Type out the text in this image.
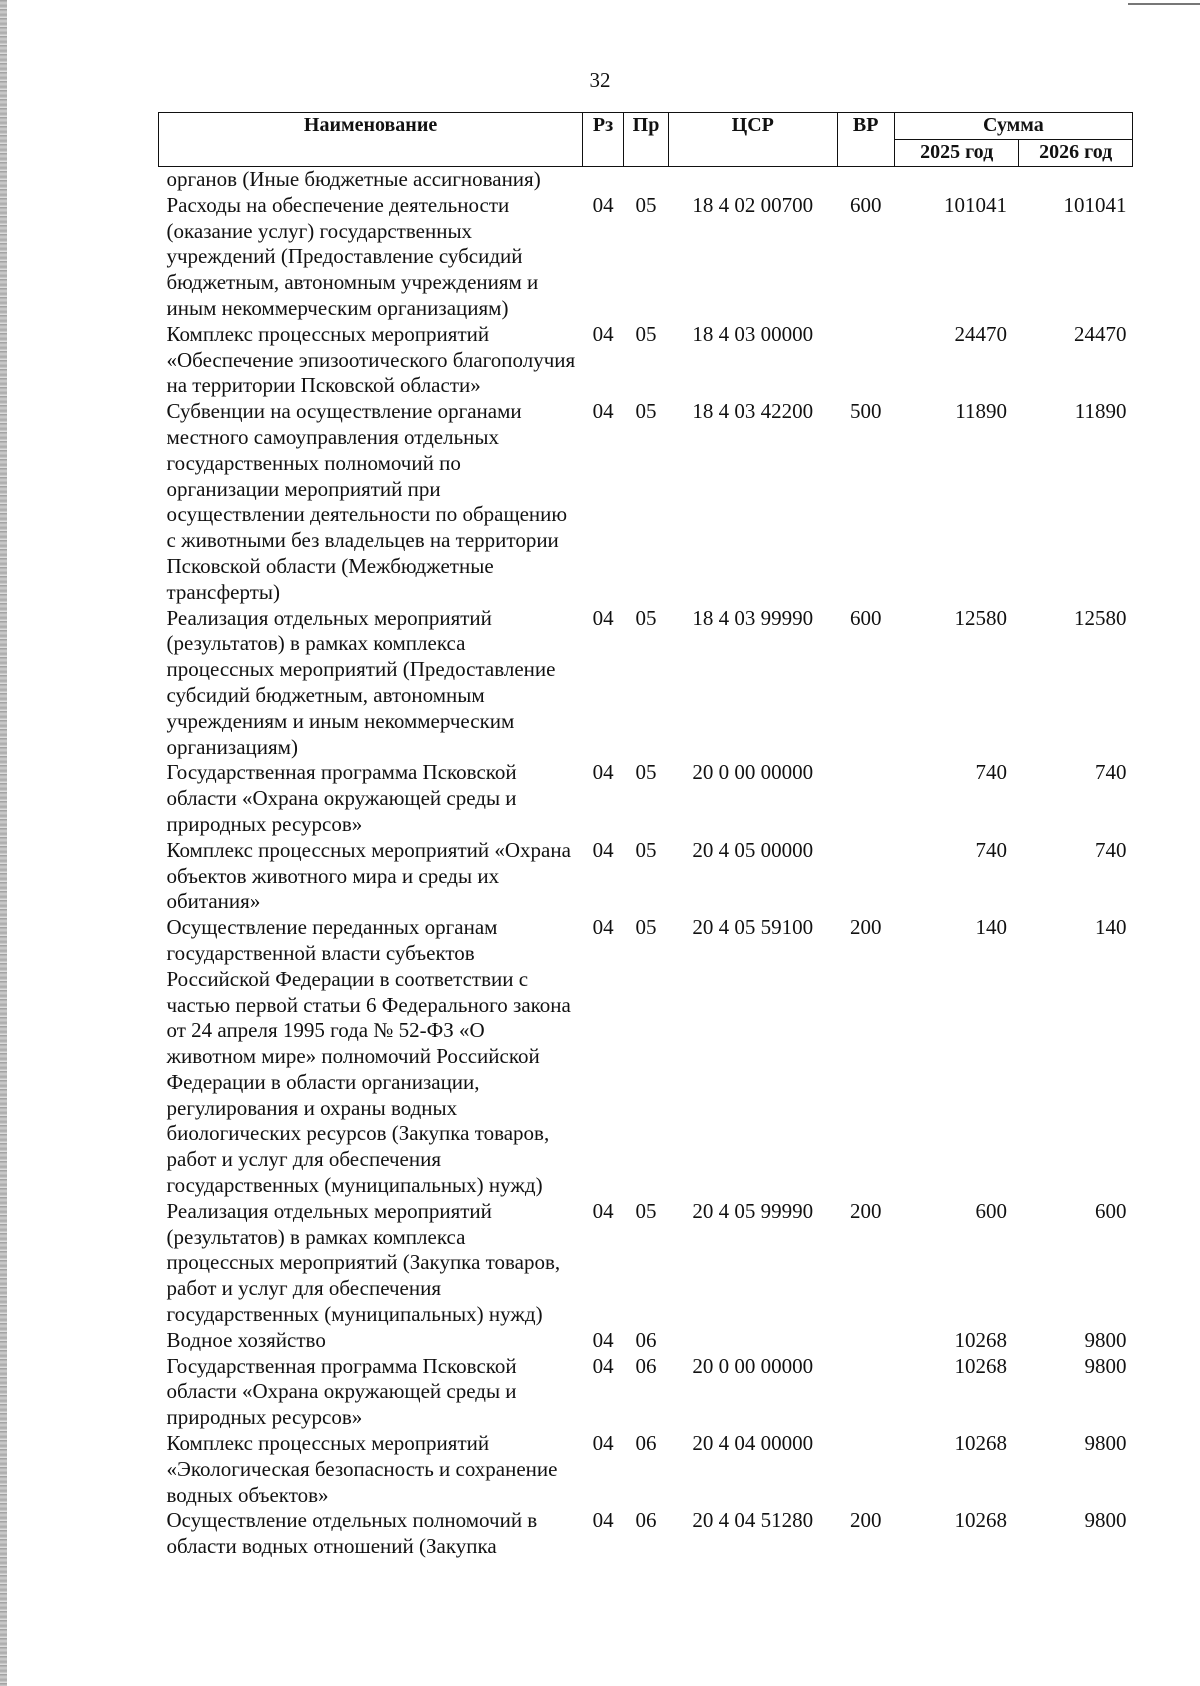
32
Наименование	Рз	Пр	ЦСР	ВР	Сумма	
					2025 год	2026 год
органов (Иные бюджетные ассигнования)						
Расходы на обеспечение деятельности (оказание услуг) государственных учреждений (Предоставление субсидий бюджетным, автономным учреждениям и иным некоммерческим организациям)	04	05	18 4 02 00700	600	101041	101041
Комплекс процессных мероприятий «Обеспечение эпизоотического благополучия на территории Псковской области»	04	05	18 4 03 00000		24470	24470
Субвенции на осуществление органами местного самоуправления отдельных государственных полномочий по организации мероприятий при осуществлении деятельности по обращению с животными без владельцев на территории Псковской области (Межбюджетные трансферты)	04	05	18 4 03 42200	500	11890	11890
Реализация отдельных мероприятий (результатов) в рамках комплекса процессных мероприятий (Предоставление субсидий бюджетным, автономным учреждениям и иным некоммерческим организациям)	04	05	18 4 03 99990	600	12580	12580
Государственная программа Псковской области «Охрана окружающей среды и природных ресурсов»	04	05	20 0 00 00000		740	740
Комплекс процессных мероприятий «Охрана объектов животного мира и среды их обитания»	04	05	20 4 05 00000		740	740
Осуществление переданных органам государственной власти субъектов Российской Федерации в соответствии с частью первой статьи 6 Федерального закона от 24 апреля 1995 года № 52-ФЗ «О животном мире» полномочий Российской Федерации в области организации, регулирования и охраны водных биологических ресурсов (Закупка товаров, работ и услуг для обеспечения государственных (муниципальных) нужд)	04	05	20 4 05 59100	200	140	140
Реализация отдельных мероприятий (результатов) в рамках комплекса процессных мероприятий (Закупка товаров, работ и услуг для обеспечения государственных (муниципальных) нужд)	04	05	20 4 05 99990	200	600	600
Водное хозяйство	04	06			10268	9800
Государственная программа Псковской области «Охрана окружающей среды и природных ресурсов»	04	06	20 0 00 00000		10268	9800
Комплекс процессных мероприятий «Экологическая безопасность и сохранение водных объектов»	04	06	20 4 04 00000		10268	9800
Осуществление отдельных полномочий в области водных отношений (Закупка	04	06	20 4 04 51280	200	10268	9800
